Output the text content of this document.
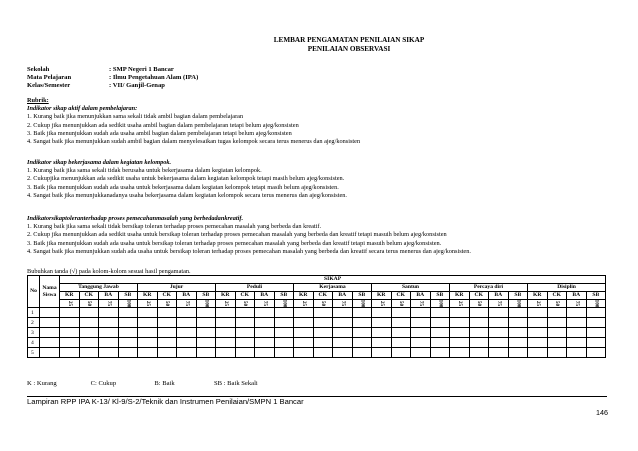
LEMBAR PENGAMATAN PENILAIAN SIKAP
PENILAIAN OBSERVASI
Sekolah	: SMP Negeri 1 Bancar
Mata Pelajaran	: Ilmu Pengetahuan Alam (IPA)
Kelas/Semester	: VII/ Ganjil-Genap
Rubrik:
Indikator sikap aktif dalam pembelajaran:
1. Kurang baik jika menunjukkan sama sekali tidak ambil bagian dalam pembelajaran
2. Cukup jika menunjukkan ada sedikit usaha ambil bagian dalam pembelajaran tetapi belum ajeg/konsisten
3. Baik jika menunjukkan sudah ada usaha ambil bagian dalam pembelajaran tetapi belum ajeg/konsisten
4. Sangat baik jika menunjukkan sudah ambil bagian dalam menyelesaikan tugas kelompok secara terus menerus dan ajeg/konsisten
Indikator sikap bekerjasama dalam kegiatan kelompok.
1. Kurang baik jika sama sekali tidak berusaha untuk bekerjasama dalam kegiatan kelompok.
2. Cukupjika menunjukkan ada sedikit usaha untuk bekerjasama dalam kegiatan kelompok tetapi masih belum ajeg/konsisten.
3. Baik jika menunjukkan sudah ada usaha untuk bekerjasama dalam kegiatan kelompok tetapi masih belum ajeg/konsisten.
4. Sangat baik jika menunjukkanadanya usaha bekerjasama dalam kegiatan kelompok secara terus menerus dan ajeg/konsisten.
Indikatorsikaptoleranterhadap proses pemecahanmasalah yang berbedadankreatif.
1. Kurang baik jika sama sekali tidak bersikap toleran terhadap proses pemecahan masalah yang berbeda dan kreatif.
2. Cukup jika menunjukkan ada sedikit usaha untuk bersikap toleran terhadap proses pemecahan masalah yang berbeda dan kreatif tetapi masuih belum ajeg/konsisten
3. Baik jika menunjukkan sudah ada usaha untuk bersikap toleran terhadap proses pemecahan masalah yang berbeda dan kreatif tetapi masuih belum ajeg/konsisten.
4. Sangat baik jika menunjukkan sudah ada usaha untuk bersikap toleran terhadap proses pemecahan masalah yang berbeda dan kreatif secara terus menerus dan ajeg/konsisten.
Bubuhkan tanda (√) pada kolom-kolom sesuai hasil pengamatan.
No	Nama Siswa	SIKAP																											
		Tanggung Jawab				Jujur				Peduli				Kerjasama				Santun				Percaya diri				Disiplin			
		KR	CK	BA	SB	KR	CK	BA	SB	KR	CK	BA	SB	KR	CK	BA	SB	KR	CK	BA	SB	KR	CK	BA	SB	KR	CK	BA	SB
		25	50	75	100	25	50	75	100	25	50	75	100	25	50	75	100	25	50	75	100	25	50	75	100	25	50	75	100
1																													
2																													
3																													
4																													
5																													
K : Kurang	C: Cukup	B: Baik	SB : Baik Sekali
Lampiran RPP IPA K-13/ Kl-9/S-2/Teknik dan Instrumen Penilaian/SMPN 1 Bancar
146
